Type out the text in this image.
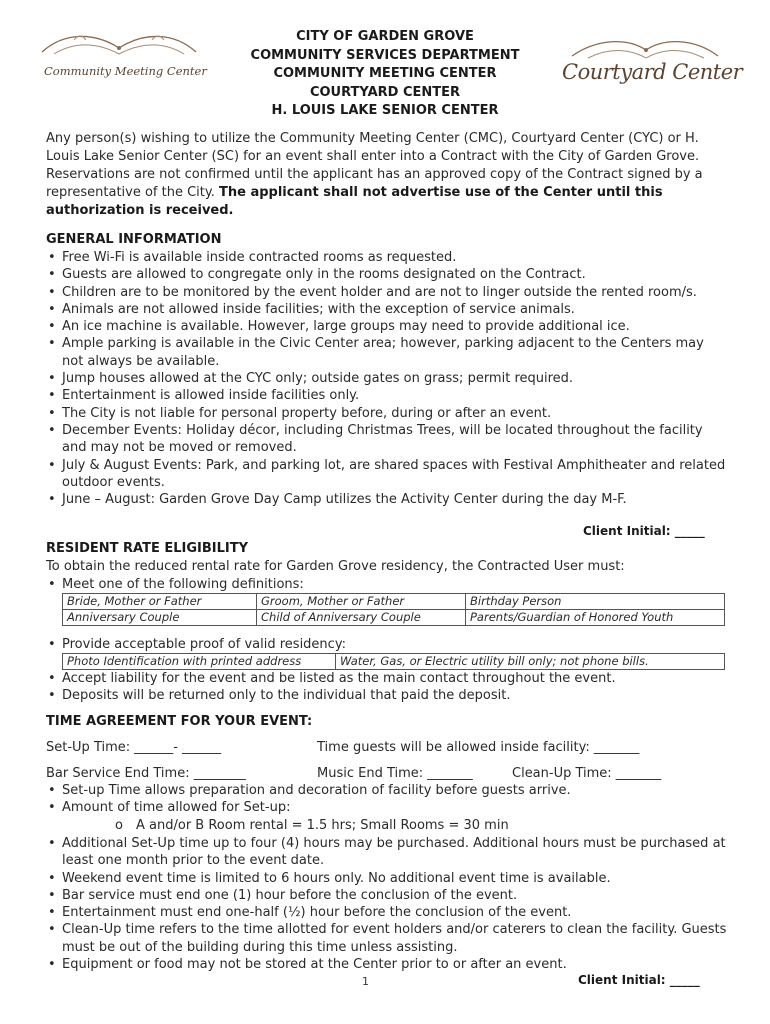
Community Meeting Center
CITY OF GARDEN GROVE
COMMUNITY SERVICES DEPARTMENT
COMMUNITY MEETING CENTER
COURTYARD CENTER
H. LOUIS LAKE SENIOR CENTER
Courtyard Center
Any person(s) wishing to utilize the Community Meeting Center (CMC), Courtyard Center (CYC) or H. Louis Lake Senior Center (SC) for an event shall enter into a Contract with the City of Garden Grove. Reservations are not confirmed until the applicant has an approved copy of the Contract signed by a representative of the City. The applicant shall not advertise use of the Center until this authorization is received.
GENERAL INFORMATION
• Free Wi-Fi is available inside contracted rooms as requested.
• Guests are allowed to congregate only in the rooms designated on the Contract.
• Children are to be monitored by the event holder and are not to linger outside the rented room/s.
• Animals are not allowed inside facilities; with the exception of service animals.
• An ice machine is available. However, large groups may need to provide additional ice.
• Ample parking is available in the Civic Center area; however, parking adjacent to the Centers may not always be available.
• Jump houses allowed at the CYC only; outside gates on grass; permit required.
• Entertainment is allowed inside facilities only.
• The City is not liable for personal property before, during or after an event.
• December Events: Holiday décor, including Christmas Trees, will be located throughout the facility and may not be moved or removed.
• July & August Events: Park, and parking lot, are shared spaces with Festival Amphitheater and related outdoor events.
• June – August: Garden Grove Day Camp utilizes the Activity Center during the day M-F.
Client Initial: _____
RESIDENT RATE ELIGIBILITY
To obtain the reduced rental rate for Garden Grove residency, the Contracted User must:
• Meet one of the following definitions:
Bride, Mother or Father	Groom, Mother or Father	Birthday Person
Anniversary Couple	Child of Anniversary Couple	Parents/Guardian of Honored Youth
• Provide acceptable proof of valid residency:
Photo Identification with printed address	Water, Gas, or Electric utility bill only; not phone bills.
• Accept liability for the event and be listed as the main contact throughout the event.
• Deposits will be returned only to the individual that paid the deposit.
TIME AGREEMENT FOR YOUR EVENT:
Set-Up Time: ______- ______	Time guests will be allowed inside facility: _______
Bar Service End Time: ________	Music End Time: _______	Clean-Up Time: _______
• Set-up Time allows preparation and decoration of facility before guests arrive.
• Amount of time allowed for Set-up:
o A and/or B Room rental = 1.5 hrs; Small Rooms = 30 min
• Additional Set-Up time up to four (4) hours may be purchased. Additional hours must be purchased at least one month prior to the event date.
• Weekend event time is limited to 6 hours only. No additional event time is available.
• Bar service must end one (1) hour before the conclusion of the event.
• Entertainment must end one-half (½) hour before the conclusion of the event.
• Clean-Up time refers to the time allotted for event holders and/or caterers to clean the facility. Guests must be out of the building during this time unless assisting.
• Equipment or food may not be stored at the Center prior to or after an event.
1	Client Initial: _____
